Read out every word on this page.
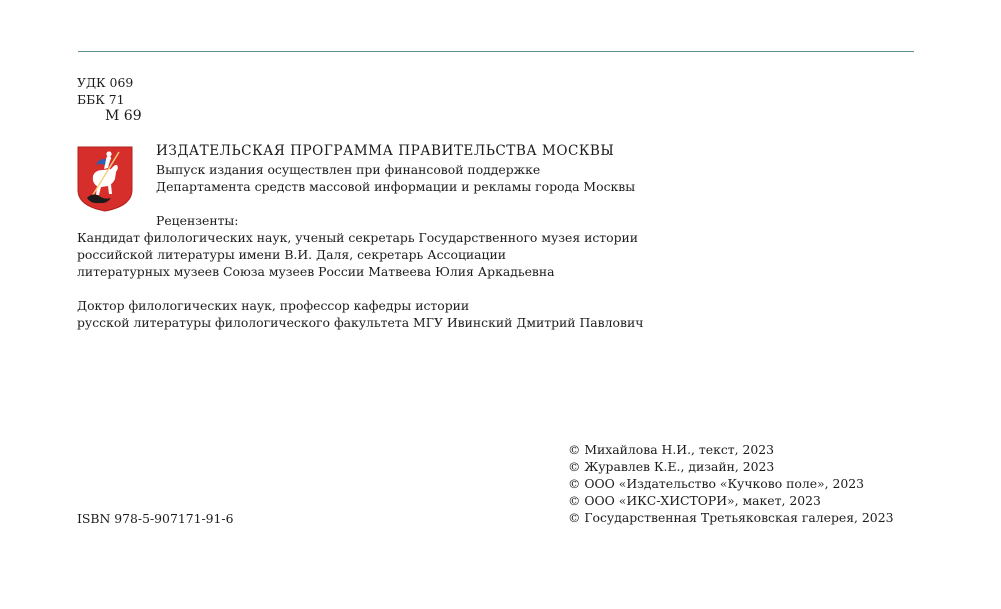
УДК 069
ББК 71
М 69
ИЗДАТЕЛЬСКАЯ ПРОГРАММА ПРАВИТЕЛЬСТВА МОСКВЫ
Выпуск издания осуществлен при финансовой поддержке
Департамента средств массовой информации и рекламы города Москвы
Рецензенты:
Кандидат филологических наук, ученый секретарь Государственного музея истории
российской литературы имени В.И. Даля, секретарь Ассоциации
литературных музеев Союза музеев России Матвеева Юлия Аркадьевна
Доктор филологических наук, профессор кафедры истории
русской литературы филологического факультета МГУ Ивинский Дмитрий Павлович
ISBN 978-5-907171-91-6
© Михайлова Н.И., текст, 2023
© Журавлев К.Е., дизайн, 2023
© ООО «Издательство «Кучково поле», 2023
© ООО «ИКС-ХИСТОРИ», макет, 2023
© Государственная Третьяковская галерея, 2023
